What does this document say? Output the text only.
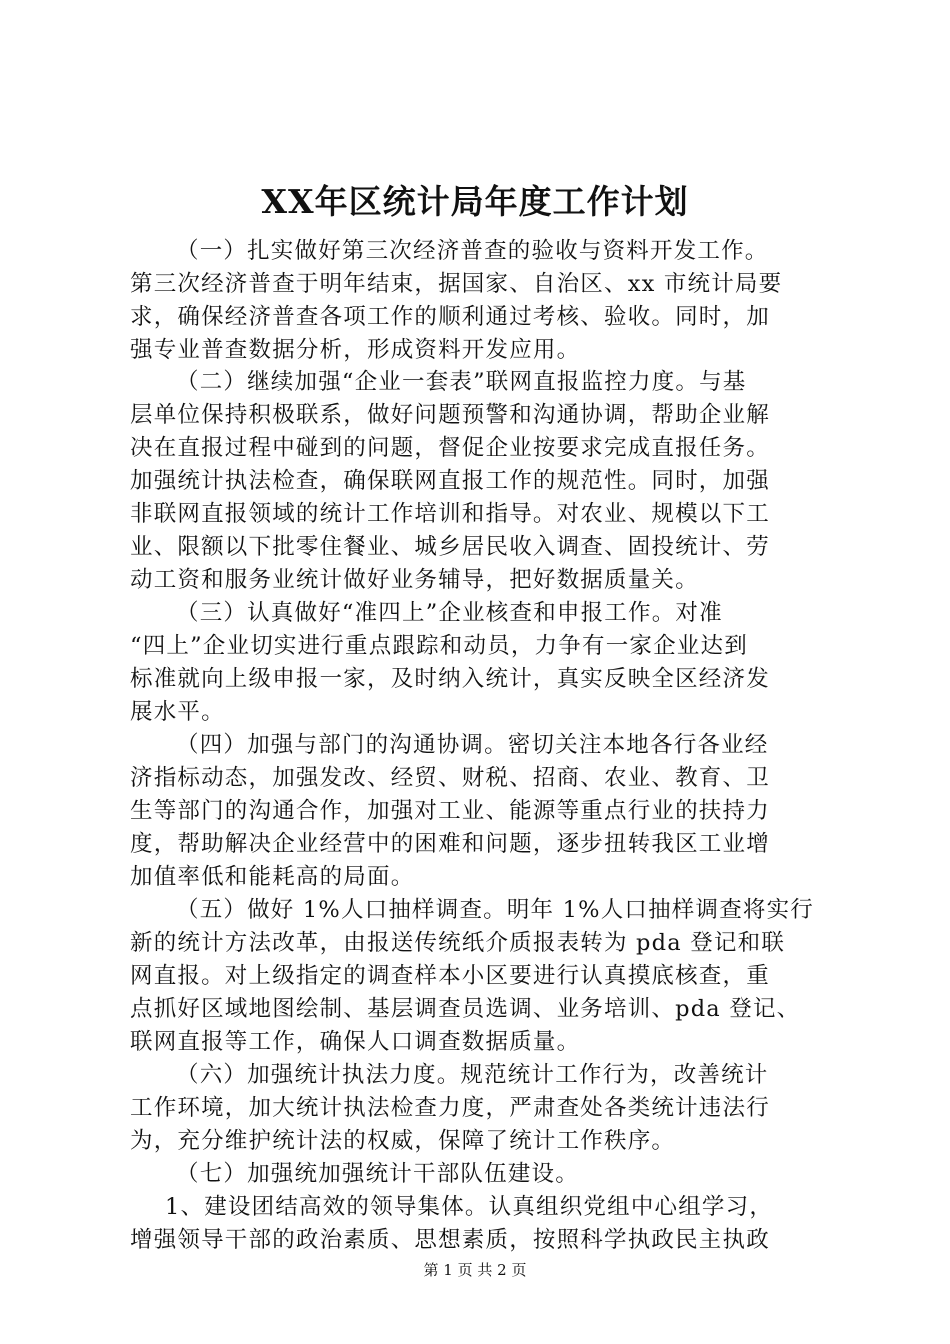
XX年区统计局年度工作计划
（一）扎实做好第三次经济普查的验收与资料开发工作。
第三次经济普查于明年结束，据国家、自治区、xx 市统计局要
求，确保经济普查各项工作的顺利通过考核、验收。同时，加
强专业普查数据分析，形成资料开发应用。
（二）继续加强“企业一套表”联网直报监控力度。与基
层单位保持积极联系，做好问题预警和沟通协调，帮助企业解
决在直报过程中碰到的问题，督促企业按要求完成直报任务。
加强统计执法检查，确保联网直报工作的规范性。同时，加强
非联网直报领域的统计工作培训和指导。对农业、规模以下工
业、限额以下批零住餐业、城乡居民收入调查、固投统计、劳
动工资和服务业统计做好业务辅导，把好数据质量关。
（三）认真做好“准四上”企业核查和申报工作。对准
“四上”企业切实进行重点跟踪和动员，力争有一家企业达到
标准就向上级申报一家，及时纳入统计，真实反映全区经济发
展水平。
（四）加强与部门的沟通协调。密切关注本地各行各业经
济指标动态，加强发改、经贸、财税、招商、农业、教育、卫
生等部门的沟通合作，加强对工业、能源等重点行业的扶持力
度，帮助解决企业经营中的困难和问题，逐步扭转我区工业增
加值率低和能耗高的局面。
（五）做好 1%人口抽样调查。明年 1%人口抽样调查将实行
新的统计方法改革，由报送传统纸介质报表转为 pda 登记和联
网直报。对上级指定的调查样本小区要进行认真摸底核查，重
点抓好区域地图绘制、基层调查员选调、业务培训、pda 登记、
联网直报等工作，确保人口调查数据质量。
（六）加强统计执法力度。规范统计工作行为，改善统计
工作环境，加大统计执法检查力度，严肃查处各类统计违法行
为，充分维护统计法的权威，保障了统计工作秩序。
（七）加强统加强统计干部队伍建设。
1、建设团结高效的领导集体。认真组织党组中心组学习，
增强领导干部的政治素质、思想素质，按照科学执政民主执政
第 1 页 共 2 页
